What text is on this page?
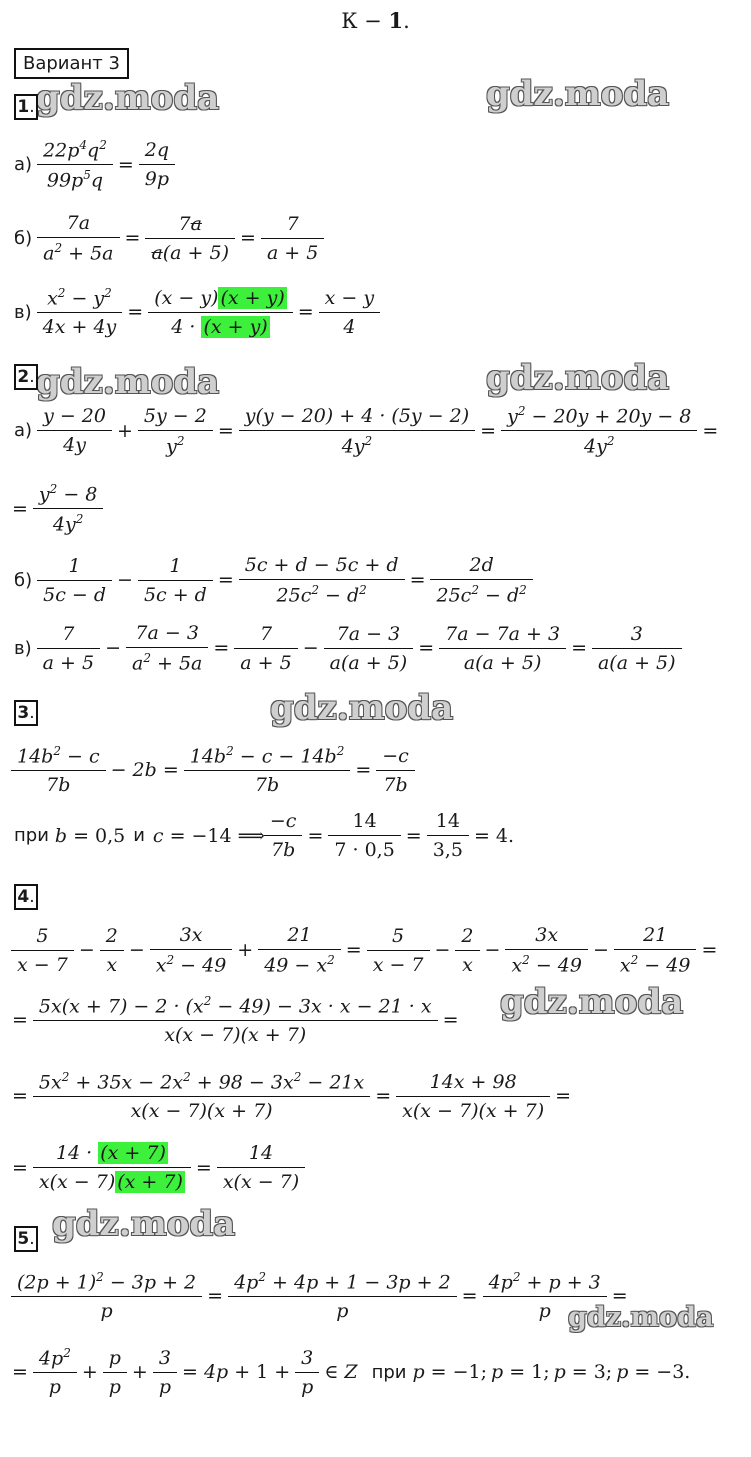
К − 1.
Вариант 3
gdz.moda	gdz.moda
gdz.moda	gdz.moda
gdz.moda
gdz.moda
gdz.moda
gdz.moda
1.
$а) \frac{22p^4q^2}{99p^5q} = \frac{2q}{9p}$
$б) \frac{7a}{a^2 + 5a} = \frac{7a}{a(a + 5)} = \frac{7}{a + 5}$
$в) \frac{x^2 - y^2}{4x + 4y} = \frac{(x - y) (x + y)}{4 \cdot (x + y)} = \frac{x - y}{4}$
2.
$а) \frac{y - 20}{4y} + \frac{5y - 2}{y^2} = \frac{y(y - 20) + 4 \cdot (5y - 2)}{4y^2} = \frac{y^2 - 20y + 20y - 8}{4y^2}$ =
= $\frac{y^2 - 8}{4y^2}$
$б) \frac{1}{5c - d} - \frac{1}{5c + d} = \frac{5c + d - 5c + d}{25c^2 - d^2} = \frac{2d}{25c^2 - d^2}$
$в) \frac{7}{a + 5} - \frac{7a - 3}{a^2 + 5a} = \frac{7}{a + 5} - \frac{7a - 3}{a(a + 5)} = \frac{7a - 7a + 3}{a(a + 5)} = \frac{3}{a(a + 5)}$
3.
$\frac{14b^2 - c}{7b} - 2b = \frac{14b^2 - c - 14b^2}{7b} = \frac{-c}{7b}$
при b = 0,5 и c = −14 ⟹ $\frac{-c}{7b} = \frac{14}{7 \cdot 0,5} = \frac{14}{3,5} = 4$.
4.
$\frac{5}{x - 7} - \frac{2}{x} - \frac{3x}{x^2 - 49} + \frac{21}{49 - x^2} = \frac{5}{x - 7} - \frac{2}{x} - \frac{3x}{x^2 - 49} - \frac{21}{x^2 - 49}$ =
= $\frac{5x(x + 7) - 2 \cdot (x^2 - 49) - 3x \cdot x - 21 \cdot x}{x(x - 7)(x + 7)}$ =
= $\frac{5x^2 + 35x - 2x^2 + 98 - 3x^2 - 21x}{x(x - 7)(x + 7)} = \frac{14x + 98}{x(x - 7)(x + 7)}$ =
= $\frac{14 \cdot (x + 7)}{x(x - 7) (x + 7)} = \frac{14}{x(x - 7)}$
5.
$\frac{(2p + 1)^2 - 3p + 2}{p} = \frac{4p^2 + 4p + 1 - 3p + 2}{p} = \frac{4p^2 + p + 3}{p}$ =
= $\frac{4p^2}{p} + \frac{p}{p} + \frac{3}{p} = 4p + 1 + \frac{3}{p}$ ∈ Z при p = −1; p = 1; p = 3; p = −3.
